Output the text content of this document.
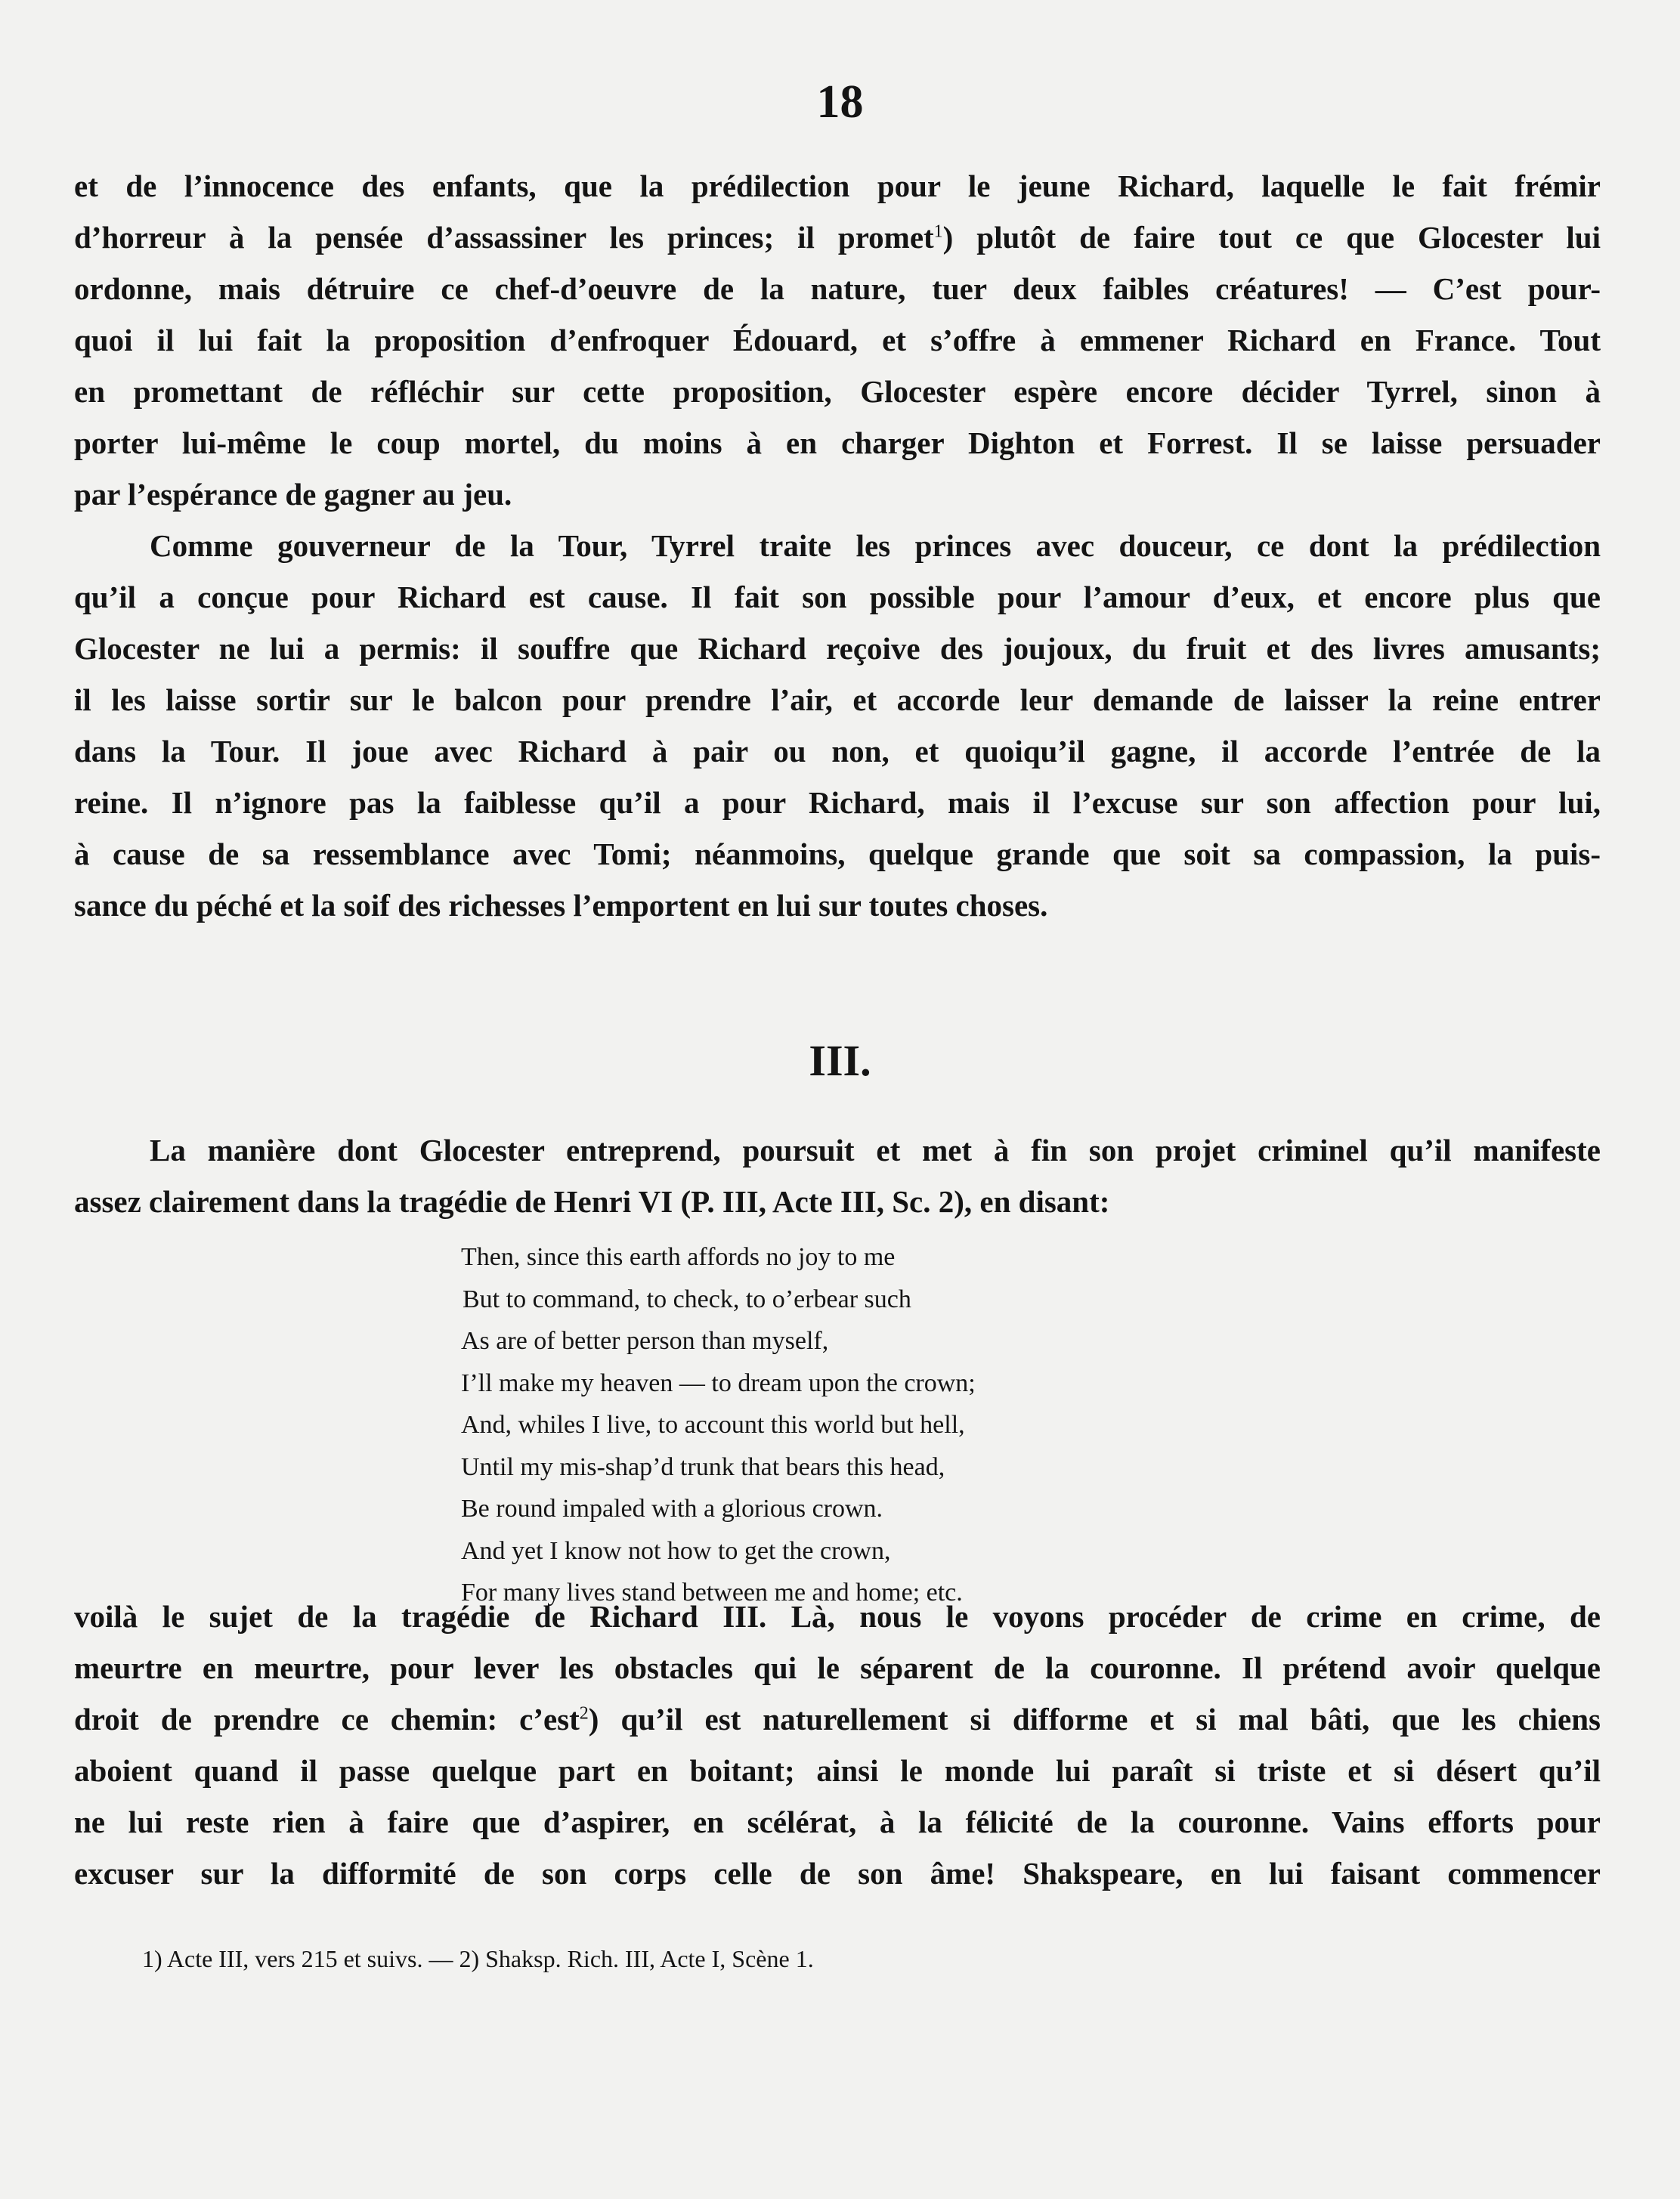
18
et de l’innocence des enfants, que la prédilection pour le jeune Richard, laquelle le fait frémir
d’horreur à la pensée d’assassiner les princes; il promet$^1$) plutôt de faire tout ce que Glocester lui
ordonne, mais détruire ce chef-d’oeuvre de la nature, tuer deux faibles créatures! — C’est pour-
quoi il lui fait la proposition d’enfroquer Édouard, et s’offre à emmener Richard en France. Tout
en promettant de réfléchir sur cette proposition, Glocester espère encore décider Tyrrel, sinon à
porter lui-même le coup mortel, du moins à en charger Dighton et Forrest. Il se laisse persuader
par l’espérance de gagner au jeu.
Comme gouverneur de la Tour, Tyrrel traite les princes avec douceur, ce dont la prédilection
qu’il a conçue pour Richard est cause. Il fait son possible pour l’amour d’eux, et encore plus que
Glocester ne lui a permis: il souffre que Richard reçoive des joujoux, du fruit et des livres amusants;
il les laisse sortir sur le balcon pour prendre l’air, et accorde leur demande de laisser la reine entrer
dans la Tour. Il joue avec Richard à pair ou non, et quoiqu’il gagne, il accorde l’entrée de la
reine. Il n’ignore pas la faiblesse qu’il a pour Richard, mais il l’excuse sur son affection pour lui,
à cause de sa ressemblance avec Tomi; néanmoins, quelque grande que soit sa compassion, la puis-
sance du péché et la soif des richesses l’emportent en lui sur toutes choses.
III.
La manière dont Glocester entreprend, poursuit et met à fin son projet criminel qu’il manifeste
assez clairement dans la tragédie de Henri VI (P. III, Acte III, Sc. 2), en disant:
Then, since this earth affords no joy to me
But to command, to check, to o’erbear such
As are of better person than myself,
I’ll make my heaven — to dream upon the crown;
And, whiles I live, to account this world but hell,
Until my mis-shap’d trunk that bears this head,
Be round impaled with a glorious crown.
And yet I know not how to get the crown,
For many lives stand between me and home; etc.
voilà le sujet de la tragédie de Richard III. Là, nous le voyons procéder de crime en crime, de
meurtre en meurtre, pour lever les obstacles qui le séparent de la couronne. Il prétend avoir quelque
droit de prendre ce chemin: c’est$^2$) qu’il est naturellement si difforme et si mal bâti, que les chiens
aboient quand il passe quelque part en boitant; ainsi le monde lui paraît si triste et si désert qu’il
ne lui reste rien à faire que d’aspirer, en scélérat, à la félicité de la couronne. Vains efforts pour
excuser sur la difformité de son corps celle de son âme! Shakspeare, en lui faisant commencer
1) Acte III, vers 215 et suivs. — 2) Shaksp. Rich. III, Acte I, Scène 1.
